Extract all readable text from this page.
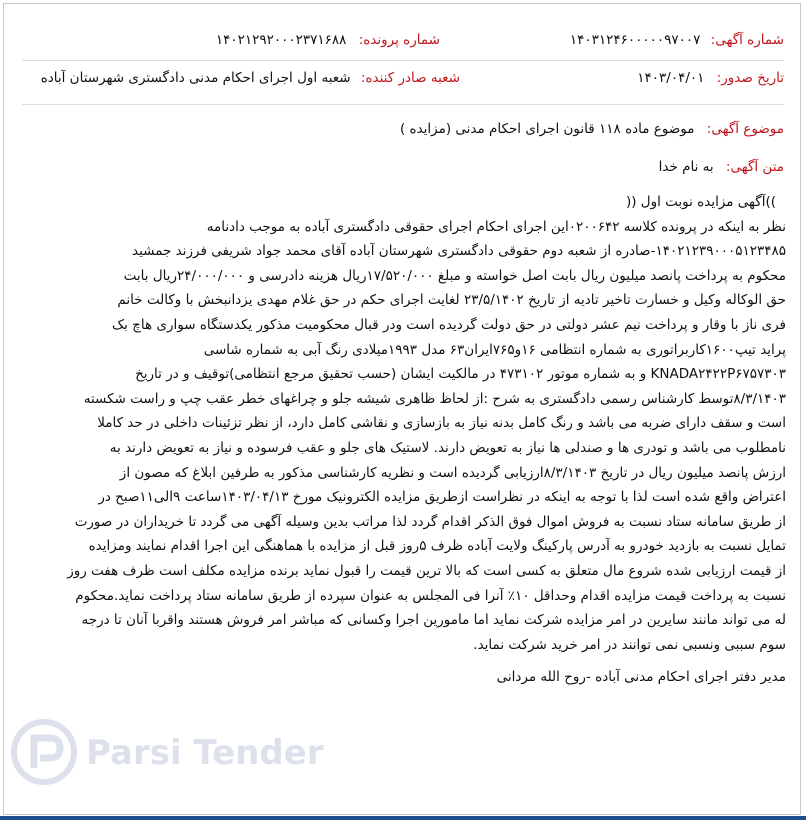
شماره آگهی: ۱۴۰۳۱۲۴۶۰۰۰۰۰۹۷۰۰۷
شماره پرونده: ۱۴۰۲۱۲۹۲۰۰۰۲۳۷۱۶۸۸
تاریخ صدور: ۱۴۰۳/۰۴/۰۱
شعبه صادر کننده: شعبه اول اجرای احکام مدنی دادگستری شهرستان آباده
موضوع آگهی: موضوع ماده ۱۱۸ قانون اجرای احکام مدنی (مزایده )
متن آگهی: به نام خدا
))آگهی مزایده نوبت اول ((
نظر به اینکه در پرونده کلاسه ۰۲۰۰۶۴۲این اجرای احکام اجرای حقوقی دادگستری آباده به موجب دادنامه
۱۴۰۲۱۲۳۹۰۰۰۵۱۲۳۴۸۵-صادره از شعبه دوم حقوقی دادگستری شهرستان آباده آقای محمد جواد شریفی فرزند جمشید
محکوم به پرداخت پانصد میلیون ریال بابت اصل خواسته و مبلغ ۱۷/۵۲۰/۰۰۰ریال هزینه دادرسی و ۲۴/۰۰۰/۰۰۰ریال بابت
حق الوکاله وکیل و خسارت تاخیر تادیه از تاریخ ۲۳/۵/۱۴۰۲ لغایت اجرای حکم در حق غلام مهدی یزدانبخش با وکالت خانم
فری ناز با وقار و پرداخت نیم عشر دولتی در حق دولت گردیده است ودر قبال محکومیت مذکور یکدستگاه سواری هاچ بک
پراید تیپ۱۶۰۰کاربراتوری به شماره انتظامی ۱۶و۷۶۵ایران۶۳ مدل ۱۹۹۳میلادی رنگ آبی به شماره شاسی
KNADA۲۴۲۲P۶۷۵۷۳۰۳ و به شماره موتور ۴۷۳۱۰۲ در مالکیت ایشان (حسب تحقیق مرجع انتظامی)توقیف و در تاریخ
۸/۳/۱۴۰۳توسط کارشناس رسمی دادگستری به شرح :از لحاظ ظاهری شیشه جلو و چراغهای خطر عقب چپ و راست شکسته
است و سقف دارای ضربه می باشد و رنگ کامل بدنه نیاز به بازسازی و نقاشی کامل دارد، از نظر تزئینات داخلی در حد کاملا
نامطلوب می باشد و تودری ها و صندلی ها نیاز به تعویض دارند. لاستیک های جلو و عقب فرسوده و نیاز به تعویض دارند به
ارزش پانصد میلیون ریال در تاریخ ۸/۳/۱۴۰۳ارزیابی گردیده است و نظریه کارشناسی مذکور به طرفین ابلاغ که مصون از
اعتراض واقع شده است لذا با توجه به اینکه در نظراست ازطریق مزایده الکترونیک مورخ ۱۴۰۳/۰۴/۱۳ساعت ۹الی۱۱صبح در
از طریق سامانه ستاد نسبت به فروش اموال فوق الذکر اقدام گردد لذا مراتب بدین وسیله آگهی می گردد تا خریداران در صورت
تمایل نسبت به بازدید خودرو به آدرس پارکینگ ولایت آباده ظرف ۵روز قبل از مزایده با هماهنگی این اجرا اقدام نمایند ومزایده
از قیمت ارزیابی شده شروع مال متعلق به کسی است که بالا ترین قیمت را قبول نماید برنده مزایده مکلف است ظرف هفت روز
نسبت به پرداخت قیمت مزایده اقدام وحداقل ۱۰٪ آنرا فی المجلس به عنوان سپرده از طریق سامانه ستاد پرداخت نماید.محکوم
له می تواند مانند سایرین در امر مزایده شرکت نماید اما مامورین اجرا وکسانی که مباشر امر فروش هستند واقربا آنان تا درجه
سوم سببی ونسبی نمی توانند در امر خرید شرکت نماید.
مدیر دفتر اجرای احکام مدنی آباده -روح الله مردانی
